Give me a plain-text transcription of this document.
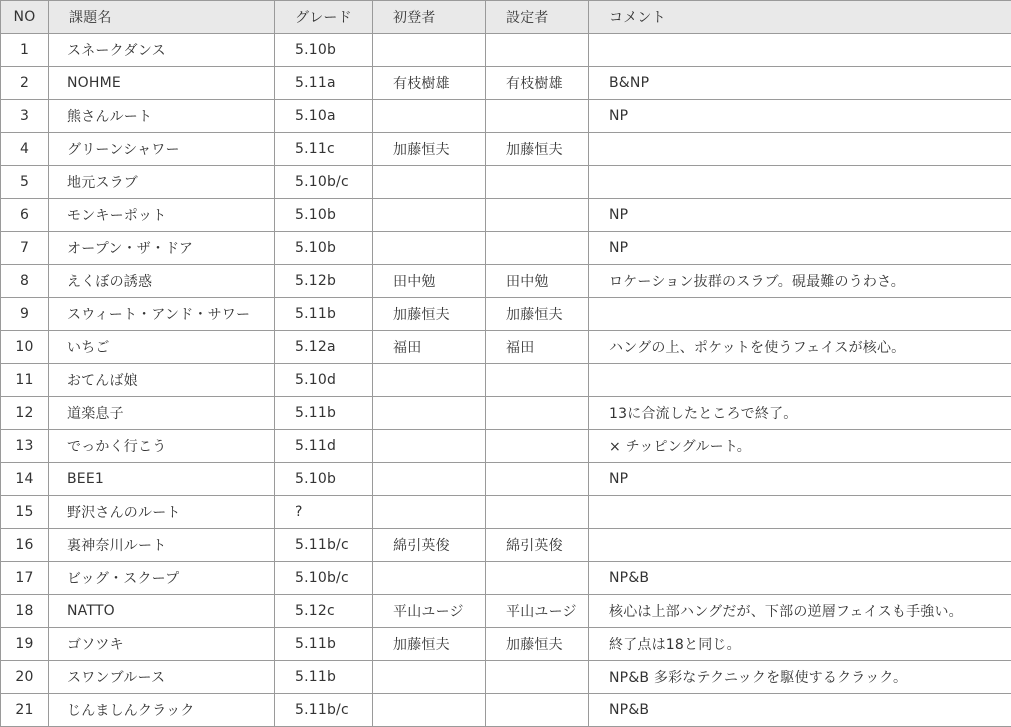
NO	課題名	グレード	初登者	設定者	コメント
1	スネークダンス	5.10b			
2	NOHME	5.11a	有枝樹雄	有枝樹雄	B&NP
3	熊さんルート	5.10a			NP
4	グリーンシャワー	5.11c	加藤恒夫	加藤恒夫	
5	地元スラブ	5.10b/c			
6	モンキーポット	5.10b			NP
7	オープン・ザ・ドア	5.10b			NP
8	えくぼの誘惑	5.12b	田中勉	田中勉	ロケーション抜群のスラブ。硯最難のうわさ。
9	スウィート・アンド・サワー	5.11b	加藤恒夫	加藤恒夫	
10	いちご	5.12a	福田	福田	ハングの上、ポケットを使うフェイスが核心。
11	おてんば娘	5.10d			
12	道楽息子	5.11b			13に合流したところで終了。
13	でっかく行こう	5.11d			× チッピングルート。
14	BEE1	5.10b			NP
15	野沢さんのルート	?			
16	裏神奈川ルート	5.11b/c	綿引英俊	綿引英俊	
17	ビッグ・スクープ	5.10b/c			NP&B
18	NATTO	5.12c	平山ユージ	平山ユージ	核心は上部ハングだが、下部の逆層フェイスも手強い。
19	ゴソツキ	5.11b	加藤恒夫	加藤恒夫	終了点は18と同じ。
20	スワンブルース	5.11b			NP&B 多彩なテクニックを駆使するクラック。
21	じんましんクラック	5.11b/c			NP&B
